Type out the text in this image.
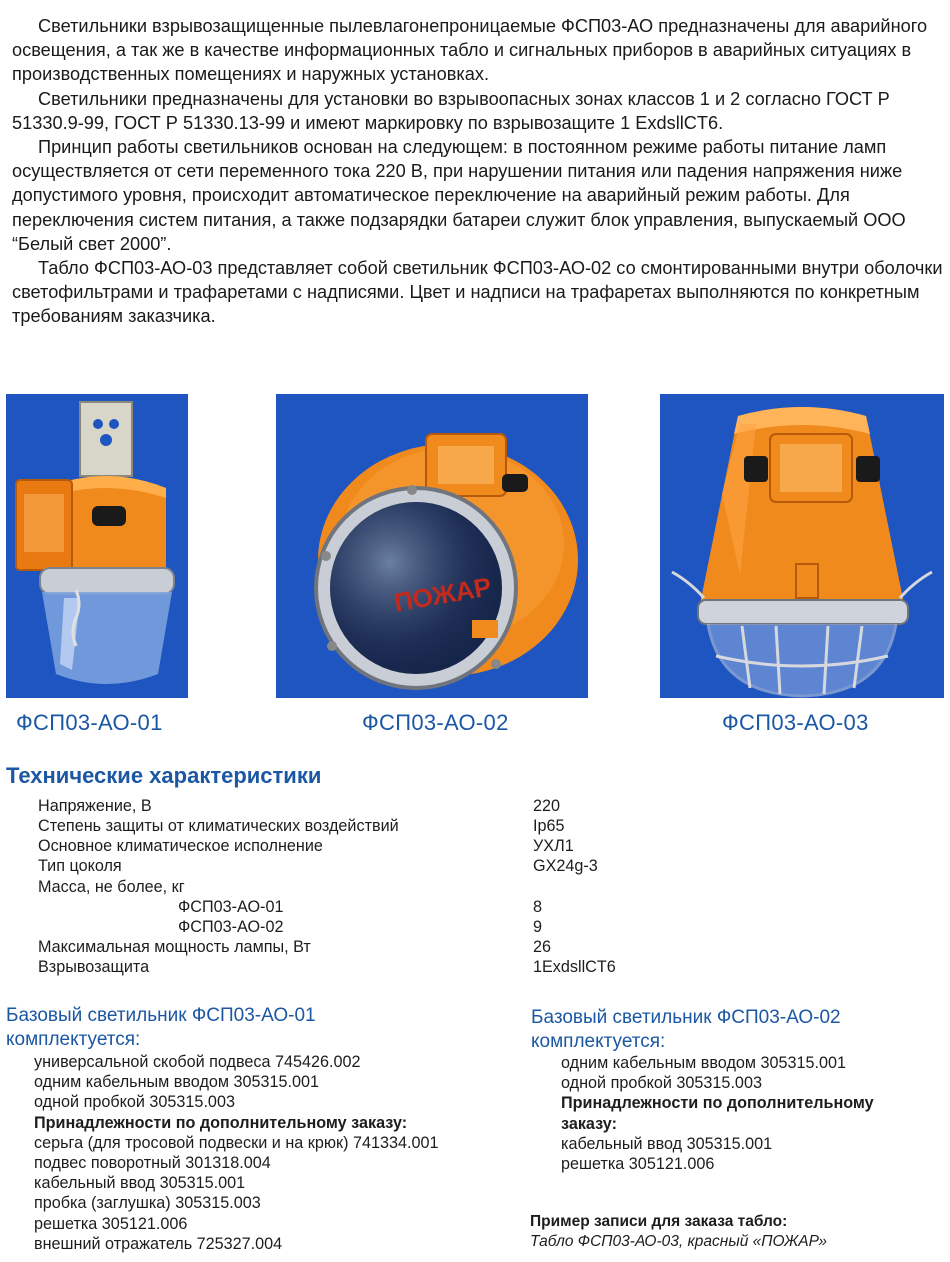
Светильники взрывозащищенные пылевлагонепроницаемые ФСП03-АО предназначены для аварийного освещения, а так же в качестве информационных табло и сигнальных приборов в аварийных ситуациях в производственных помещениях и наружных установках.

Светильники предназначены для установки во взрывоопасных зонах классов 1 и 2 согласно ГОСТ Р 51330.9-99, ГОСТ Р 51330.13-99 и имеют маркировку по взрывозащите 1 ExdsllCT6.

Принцип работы светильников основан на следующем: в постоянном режиме работы питание ламп осуществляется от сети переменного тока 220 В, при нарушении питания или падения напряжения ниже допустимого уровня, происходит автоматическое переключение на аварийный режим работы. Для переключения систем питания, а также подзарядки батареи служит блок управления, выпускаемый ООО “Белый свет 2000”.

Табло ФСП03-АО-03 представляет собой светильник ФСП03-АО-02 со смонтированными внутри оболочки светофильтрами и трафаретами с надписями. Цвет и надписи на трафаретах выполняются по конкретным требованиям заказчика.

ФСП03-АО-01
ПОЖАР
ФСП03-АО-02	ФСП03-АО-03
Технические характеристики
Напряжение, В	220
Степень защиты от климатических воздействий	Ip65
Основное климатическое исполнение	УХЛ1
Тип цоколя	GX24g-3
Масса, не более, кг
ФСП03-АО-01	8
ФСП03-АО-02	9
Максимальная мощность лампы, Вт	26
Взрывозащита	1ExdsllCT6
Базовый светильник ФСП03-АО-01
комплектуется:
универсальной скобой подвеса 745426.002
одним кабельным вводом 305315.001
одной пробкой 305315.003
Принадлежности по дополнительному заказу:
серьга (для тросовой подвески и на крюк) 741334.001
подвес поворотный 301318.004
кабельный ввод 305315.001
пробка (заглушка) 305315.003
решетка 305121.006
внешний отражатель 725327.004
Базовый светильник ФСП03-АО-02
комплектуется:
одним кабельным вводом 305315.001
одной пробкой 305315.003
Принадлежности по дополнительному
заказу:
кабельный ввод 305315.001
решетка 305121.006
Пример записи для заказа табло:
Табло ФСП03-АО-03, красный «ПОЖАР»
